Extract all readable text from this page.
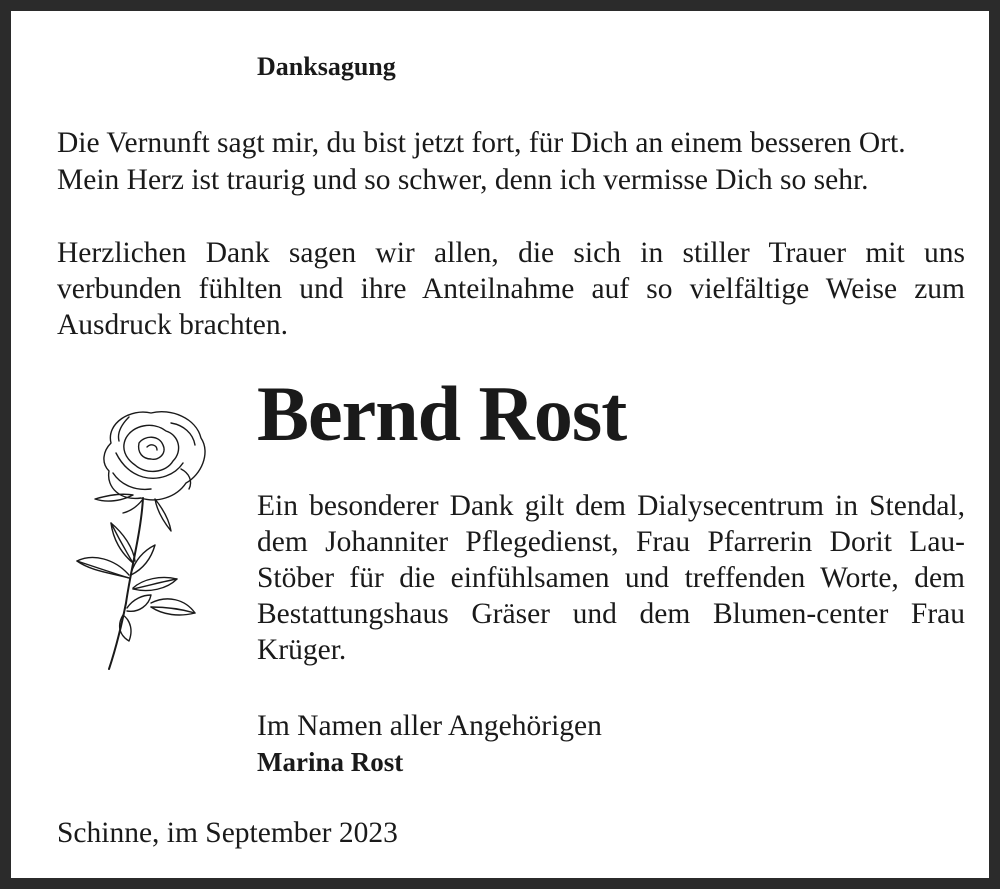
Danksagung
Die Vernunft sagt mir, du bist jetzt fort, für Dich an einem besseren Ort.
Mein Herz ist traurig und so schwer, denn ich vermisse Dich so sehr.
Herzlichen Dank sagen wir allen, die sich in stiller Trauer mit uns verbunden fühlten und ihre Anteilnahme auf so vielfältige Weise zum Ausdruck brachten.
Bernd Rost
Ein besonderer Dank gilt dem Dialysecentrum in Stendal, dem Johanniter Pflegedienst, Frau Pfarrerin Dorit Lau-Stöber für die einfühlsamen und treffenden Worte, dem Bestattungshaus Gräser und dem Blumen-center Frau Krüger.
Im Namen aller Angehörigen
Marina Rost
Schinne, im September 2023
